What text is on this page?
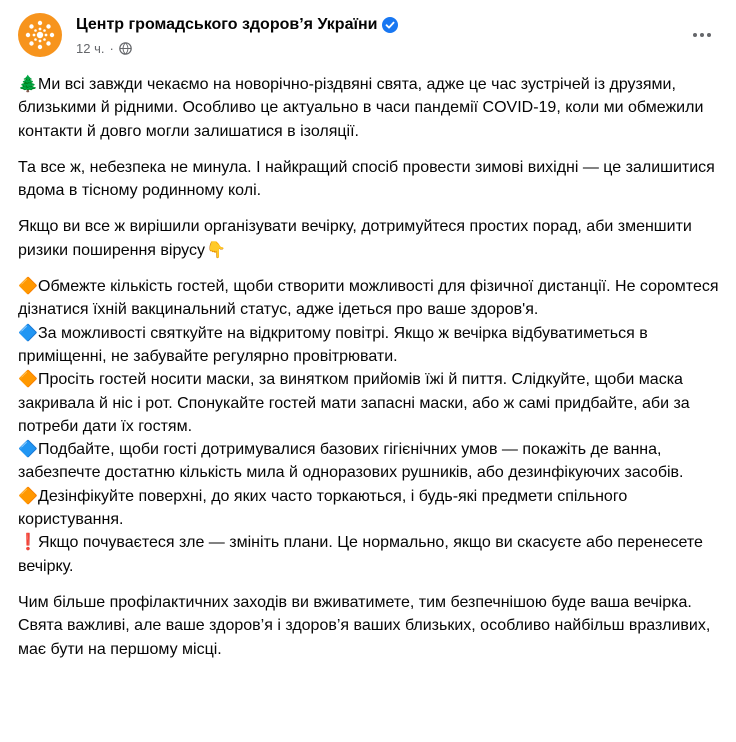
Центр громадського здоров’я України
12 ч. ·

🌲Ми всі завжди чекаємо на новорічно-різдвяні свята, адже це час зустрічей із друзями, близькими й рідними. Особливо це актуально в часи пандемії COVID-19, коли ми обмежили контакти й довго могли залишатися в ізоляції.

Та все ж, небезпека не минула. І найкращий спосіб провести зимові вихідні — це залишитися вдома в тісному родинному колі.

Якщо ви все ж вирішили організувати вечірку, дотримуйтеся простих порад, аби зменшити ризики поширення вірусу👇

🔶Обмежте кількість гостей, щоби створити можливості для фізичної дистанції. Не соромтеся дізнатися їхній вакцинальний статус, адже ідеться про ваше здоров'я.
🔷За можливості святкуйте на відкритому повітрі. Якщо ж вечірка відбуватиметься в приміщенні, не забувайте регулярно провітрювати.
🔶Просіть гостей носити маски, за винятком прийомів їжі й пиття. Слідкуйте, щоби маска закривала й ніс і рот. Спонукайте гостей мати запасні маски, або ж самі придбайте, аби за потреби дати їх гостям.
🔷Подбайте, щоби гості дотримувалися базових гігієнічних умов — покажіть де ванна, забезпечте достатню кількість мила й одноразових рушників, або дезинфікуючих засобів.
🔶Дезінфікуйте поверхні, до яких часто торкаються, і будь-які предмети спільного користування.
❗Якщо почуваєтеся зле — змініть плани. Це нормально, якщо ви скасуєте або перенесете вечірку.

Чим більше профілактичних заходів ви вживатимете, тим безпечнішою буде ваша вечірка. Свята важливі, але ваше здоров’я і здоров’я ваших близьких, особливо найбільш вразливих, має бути на першому місці.
